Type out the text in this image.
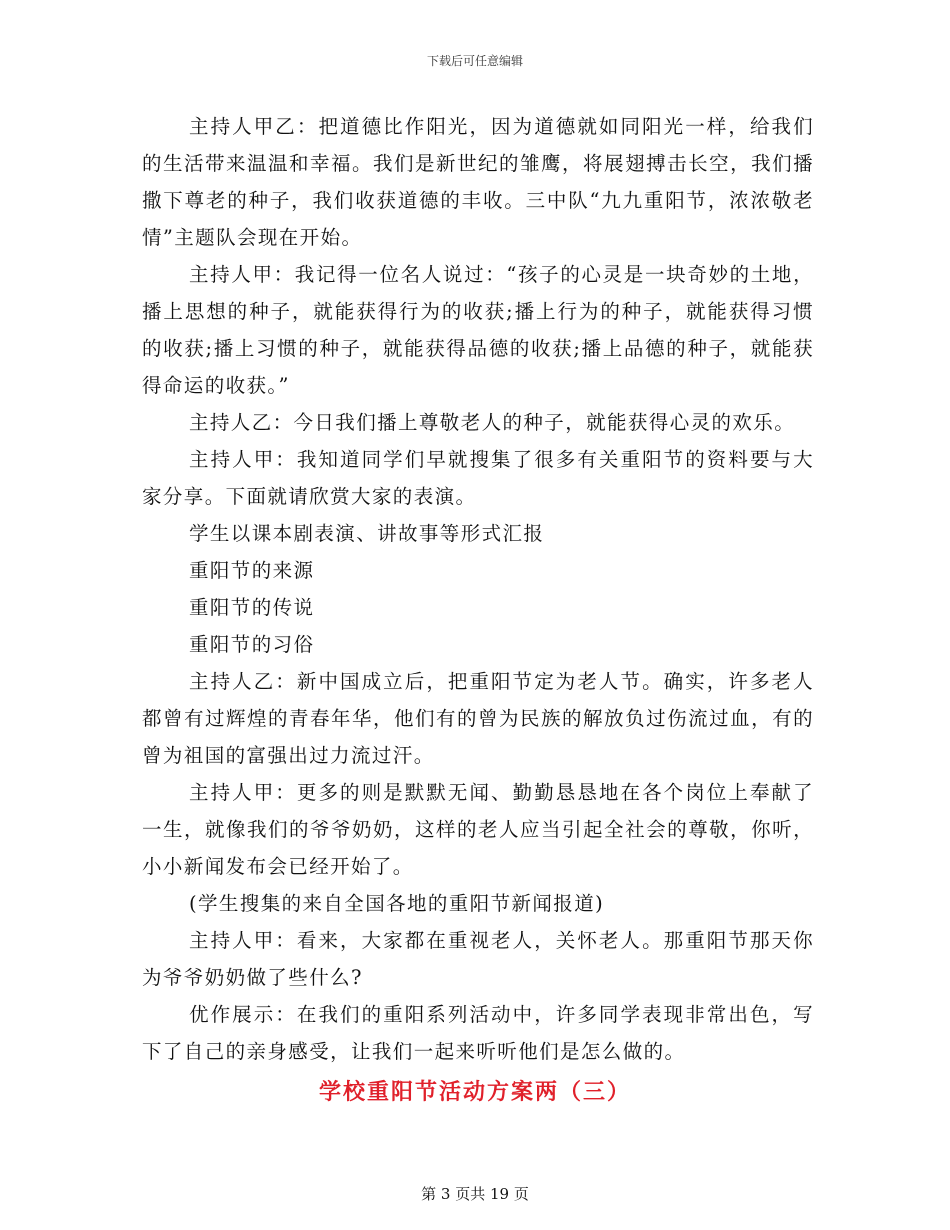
下载后可任意编辑

主持人甲乙：把道德比作阳光，因为道德就如同阳光一样，给我们的生活带来温温和幸福。我们是新世纪的雏鹰，将展翅搏击长空，我们播撒下尊老的种子，我们收获道德的丰收。三中队“九九重阳节，浓浓敬老情”主题队会现在开始。

主持人甲：我记得一位名人说过：“孩子的心灵是一块奇妙的土地，播上思想的种子，就能获得行为的收获;播上行为的种子，就能获得习惯的收获;播上习惯的种子，就能获得品德的收获;播上品德的种子，就能获得命运的收获。”

主持人乙：今日我们播上尊敬老人的种子，就能获得心灵的欢乐。

主持人甲：我知道同学们早就搜集了很多有关重阳节的资料要与大家分享。下面就请欣赏大家的表演。

学生以课本剧表演、讲故事等形式汇报

重阳节的来源

重阳节的传说

重阳节的习俗

主持人乙：新中国成立后，把重阳节定为老人节。确实，许多老人都曾有过辉煌的青春年华，他们有的曾为民族的解放负过伤流过血，有的曾为祖国的富强出过力流过汗。

主持人甲：更多的则是默默无闻、勤勤恳恳地在各个岗位上奉献了一生，就像我们的爷爷奶奶，这样的老人应当引起全社会的尊敬，你听，小小新闻发布会已经开始了。

(学生搜集的来自全国各地的重阳节新闻报道)

主持人甲：看来，大家都在重视老人，关怀老人。那重阳节那天你为爷爷奶奶做了些什么?

优作展示：在我们的重阳系列活动中，许多同学表现非常出色，写下了自己的亲身感受，让我们一起来听听他们是怎么做的。

学校重阳节活动方案两（三）
第 3 页共 19 页
